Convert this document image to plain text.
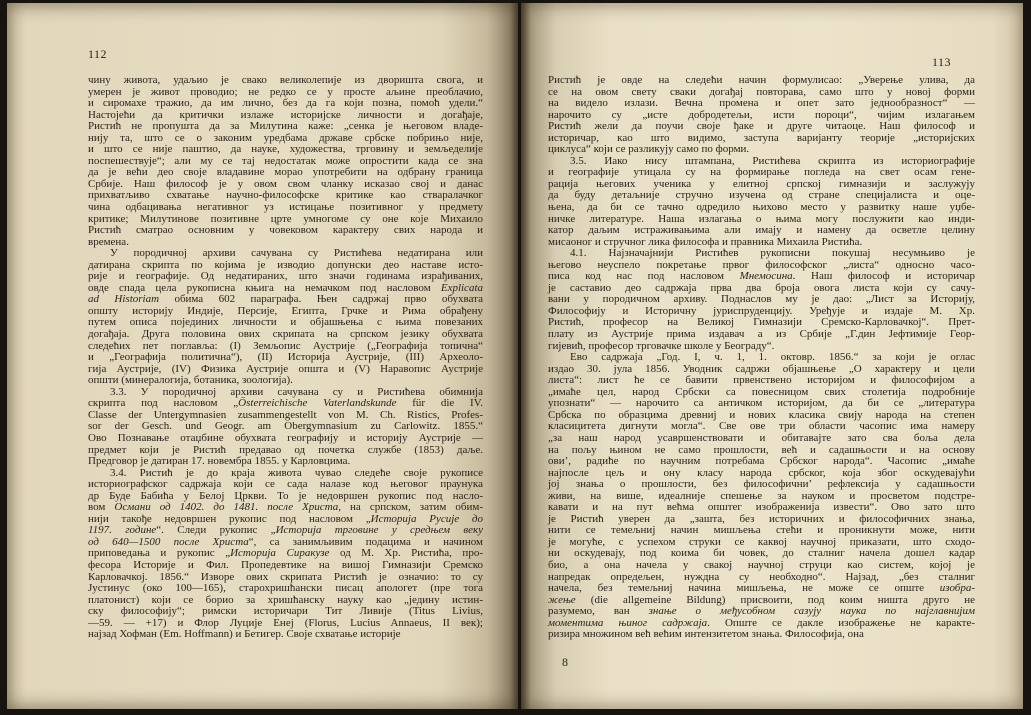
112
чину живота, удаљио је свако великолепије из дворишта свога, и
умерен је живот проводио; не редко се у просте аљине преоблачио,
и сиромахе тражио, да им лично, без да га који позна, помоћ удели.“
Настојећи да критички излаже историјске личности и догађаје,
Ристић не пропушта да за Милутина каже: „сенка је његовом владе-
нију та, што се о законим уредбама државе србске побрињо није,
и што се није паштио, да науке, художества, трговину и земљеделије
поспешествује“; али му се тај недостатак може опростити када се зна
да је већи део своје владавине морао употребити на одбрану граница
Србије. Наш философ је у овом свом чланку исказао свој и данас
прихватљиво схватање научно-философске критике као стваралачког
чина одбацивања негативног уз истицање позитивног у предмету
критике; Милутинове позитивне црте умногоме су оне које Михаило
Ристић сматрао основним у човековом карактеру свих народа и
времена.
У породичној архиви сачувана су Ристићева недатирана или
датирана скрипта по којима је изводио допунски део наставе исто-
рије и географије. Од недатираних, што значи годинама израђиваних,
овде спада цела рукописна књига на немачком под насловом Explicata
ad Historiam обима 602 параграфа. Њен садржај прво обухвата
општу историју Индије, Персије, Египта, Грчке и Рима обрађену
путем описа појединих личности и објашњења с њима повезаних
догађаја. Друга половина ових скрипата на српском језику обухвата
следећих пет поглавља: (I) Земљопис Аустрије („Географија топична“
и „Географија политична“), (II) Историја Аустрије, (III) Археоло-
гија Аустрије, (IV) Физика Аустрије општа и (V) Наравопис Аустрије
општи (минералогија, ботаника, зоологија).
3.3. У породичној архиви сачувана су и Ристићева обимнија
скрипта под насловом „Österreichische Vaterlandskunde für die IV.
Classe der Untergymnasien zusammengestellt von M. Ch. Ristics, Profes-
sor der Gesch. und Geogr. am Obergymnasium zu Carlowitz. 1855.“
Ово Познавање отаџбине обухвата географију и историју Аустрије —
предмет који је Ристић предавао од почетка службе (1853) даље.
Предговор је датиран 17. новембра 1855. у Карловцима.
3.4. Ристић је до краја живота чувао следеће своје рукописе
историографског садржаја који се сада налазе код његовог праунука
др Буде Бабића у Белој Цркви. То је недовршен рукопис под насло-
вом Османи од 1402. до 1481. после Христа, на српском, затим обим-
нији такође недовршен рукопис под насловом „Историја Русије до
1197. године“. Следи рукопис „Историја трговине у средњем веку
од 640—1500 после Христа“, са занимљивим подацима и начином
приповедања и рукопис „Историја Сиракузе од М. Хр. Ристића, про-
фесора Историје и Фил. Пропедевтике на вишој Гимназији Сремско
Карловачкој. 1856.“ Изворе ових скрипата Ристић је означио: то су
Јустинус (око 100—165), старохришћански писац апологет (пре тога
платонист) који се борио за хришћанску науку као „једину истин-
ску философију“; римски историчари Тит Ливије (Titus Livius,
—59. — +17) и Флор Луције Енеј (Florus, Lucius Annaeus, II век);
најзад Хофман (Em. Hoffmann) и Бетигер. Своје схватање историје
113
Ристић је овде на следећи начин формулисао: „Уверење улива, да
се на овом свету сваки догађај повторава, само што у новој форми
на видело излази. Вечна промена и опет зато једнообразност“ —
нарочито су „исте добродетељи, исти пороци“, чијим излагањем
Ристић жели да поучи своје ђаке и друге читаоце. Наш философ и
историчар, као што видимо, заступа варијанту теорије „историјских
циклуса“ који се разликују само по форми.
3.5. Иако нису штампана, Ристићева скрипта из историографије
и географије утицала су на формирање погледа на свет осам гене-
рација његових ученика у елитној српској гимназији и заслужују
да буду детаљније стручно изучена од стране специјалиста и оце-
њена, да би се тачно одредило њихово место у развитку наше уџбе-
ничке литературе. Наша излагања о њима могу послужити као инди-
катор даљим истраживањима али имају и намену да осветле целину
мисаоног и стручног лика философа и правника Михаила Ристића.
4.1. Најзначајнији Ристићев рукописни покушај несумњиво је
његово неуспело покретање првог философског „листа“ односно часо-
писа код нас под насловом Мнемосина. Наш философ и историчар
је саставио део садржаја прва два броја овога листа који су сачу-
вани у породичном архиву. Поднаслов му је дао: „Лист за Историју,
Философију и Историчну јуриспруденцију. Уређује и издаје М. Хр.
Ристић, професор на Великој Гимназији Сремско-Карловачкој“. Прет-
плату из Аустрије прима издавач а из Србије „Г.дин Јефтимије Геор-
гијевић, професор трговачке школе у Београду“.
Ево садржаја „Год. I, ч. 1, 1. октовр. 1856.“ за који је оглас
издао 30. јула 1856. Уводник садржи објашњење „О характеру и цели
листа“: лист ће се бавити првенствено историјом и философијом а
„имаће цел, народ Србски са повесницом свих столетија подробније
упознати“ — нарочито са античком историјом, да би се „литература
Србска по образцима древниј и нових класика свију народа на степен
класицитета дигнути могла“. Све ове три области часопис има намеру
„за наш народ усавршенствовати и обитавајте зато сва боља дела
на пољу њином не само прошлости, већ и садашњости и на основу
ови’, радиће по научним потребама Србског народа“. Часопис „имаће
најпосле цељ и ону класу народа србског, која због оскудевајући
јој знања о прошлости, без философични’ рефлексија у садашњости
живи, на више, идеалније спешење за науком и просветом подстре-
кавати и на пут већма општег изображенија извести“. Ово зато што
је Ристић уверен да „зашта, без историчних и философичних знања,
нити се темељниј начин мишљења стећи и проникнути може, нити
је могуће, с успехом струки се каквој научној приказати, што сходо-
ни оскудевају, под коима би човек, до сталниг начела дошел кадар
био, а она начела у свакој научној струци као систем, којој је
напредак опредељен, нуждна су необходно“. Најзад, „без сталниг
начела, без темељниј начина мишљења, не може се опште изобра-
жење (die allgemeine Bildung) присвоити, под коим ништа друго не
разумемо, ван знање о међусобном сазују наука по најглавнијим
моментима њиног садржаја. Опште се дакле изображење не каракте-
ризира множином већ већим интензитетом знања. Философија, она
8
